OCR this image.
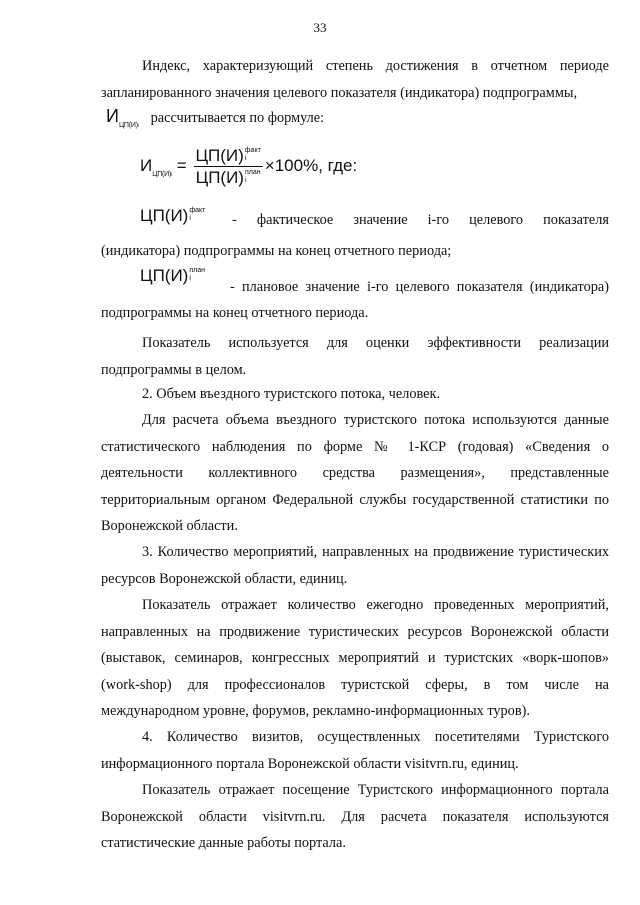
33

Индекс, характеризующий степень достижения в отчетном периоде

запланированного значения целевого показателя (индикатора) подпрограммы,

$И_{ЦП(И)i}$ рассчитывается по формуле:
$И_{ЦП(И)i} = ЦП(И)$ факт
i
ЦП(И) план
i ×100%, где:
ЦП(И) факт
i	- фактическое значение i-го целевого показателя

(индикатора) подпрограммы на конец отчетного периода;

ЦП(И) план
i

- плановое значение i-го целевого показателя (индикатора)

подпрограммы на конец отчетного периода.

Показатель используется для оценки эффективности реализации подпрограммы в целом.

2. Объем въездного туристского потока, человек.

Для расчета объема въездного туристского потока используются данные статистического наблюдения по форме № 1-КСР (годовая) «Сведения о деятельности коллективного средства размещения», представленные территориальным органом Федеральной службы государственной статистики по Воронежской области.

3. Количество мероприятий, направленных на продвижение туристических ресурсов Воронежской области, единиц.

Показатель отражает количество ежегодно проведенных мероприятий, направленных на продвижение туристических ресурсов Воронежской области (выставок, семинаров, конгрессных мероприятий и туристских «ворк-шопов» (work-shop) для профессионалов туристской сферы, в том числе на международном уровне, форумов, рекламно-информационных туров).

4. Количество визитов, осуществленных посетителями Туристского информационного портала Воронежской области visitvrn.ru, единиц.

Показатель отражает посещение Туристского информационного портала Воронежской области visitvrn.ru. Для расчета показателя используются статистические данные работы портала.
